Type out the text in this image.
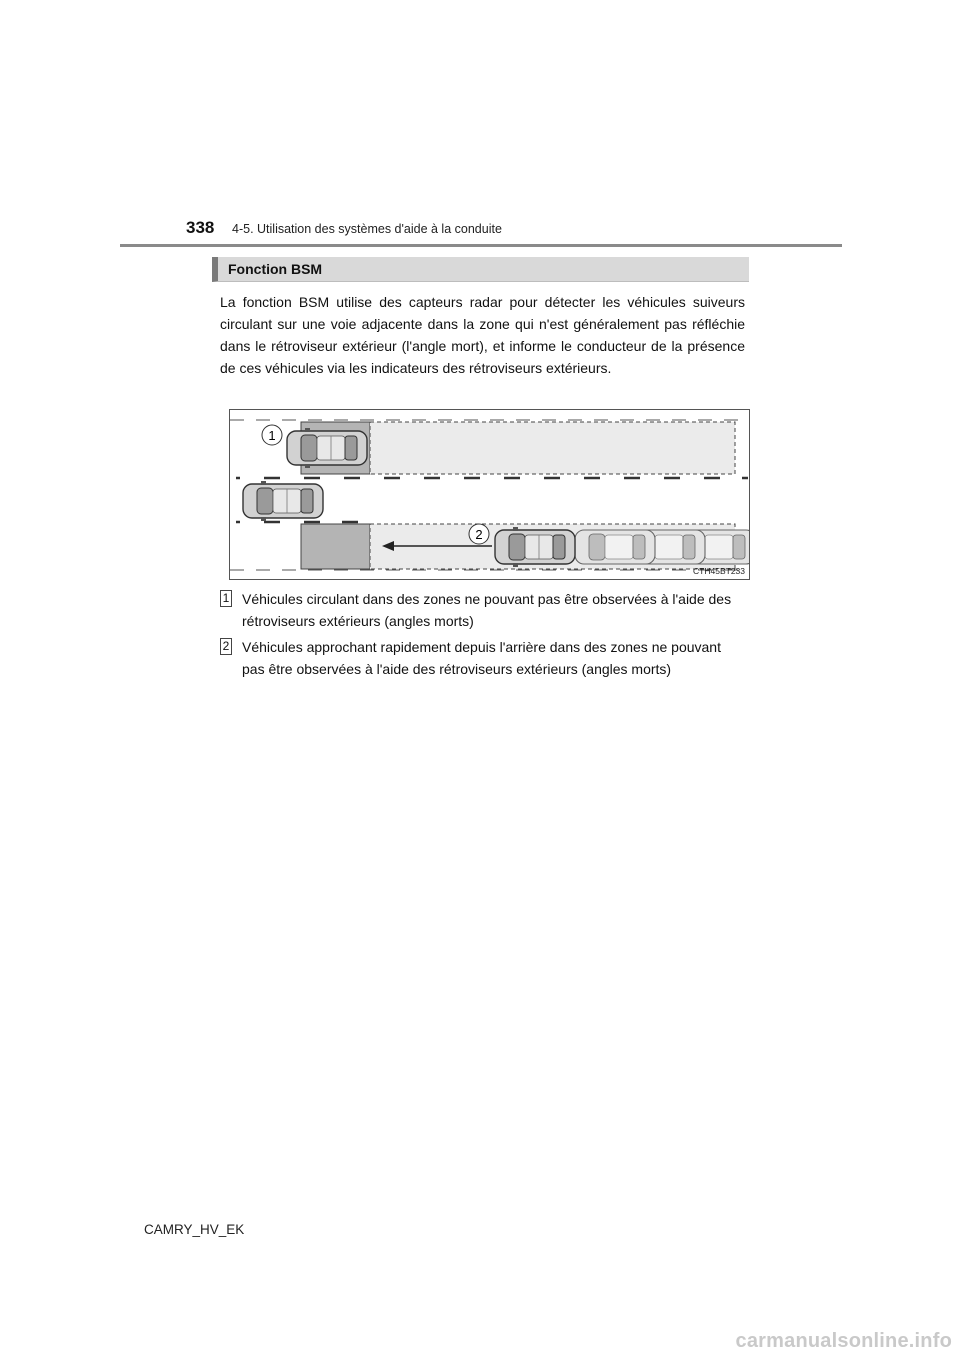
338 4-5. Utilisation des systèmes d'aide à la conduite
Fonction BSM
La fonction BSM utilise des capteurs radar pour détecter les véhicules suiveurs circulant sur une voie adjacente dans la zone qui n'est généralement pas réfléchie dans le rétroviseur extérieur (l'angle mort), et informe le conducteur de la présence de ces véhicules via les indicateurs des rétroviseurs extérieurs.
1
2
CTH45BT233
1 Véhicules circulant dans des zones ne pouvant pas être observées à l'aide des rétroviseurs extérieurs (angles morts)
2 Véhicules approchant rapidement depuis l'arrière dans des zones ne pouvant pas être observées à l'aide des rétroviseurs extérieurs (angles morts)
CAMRY_HV_EK
carmanualsonline.info
